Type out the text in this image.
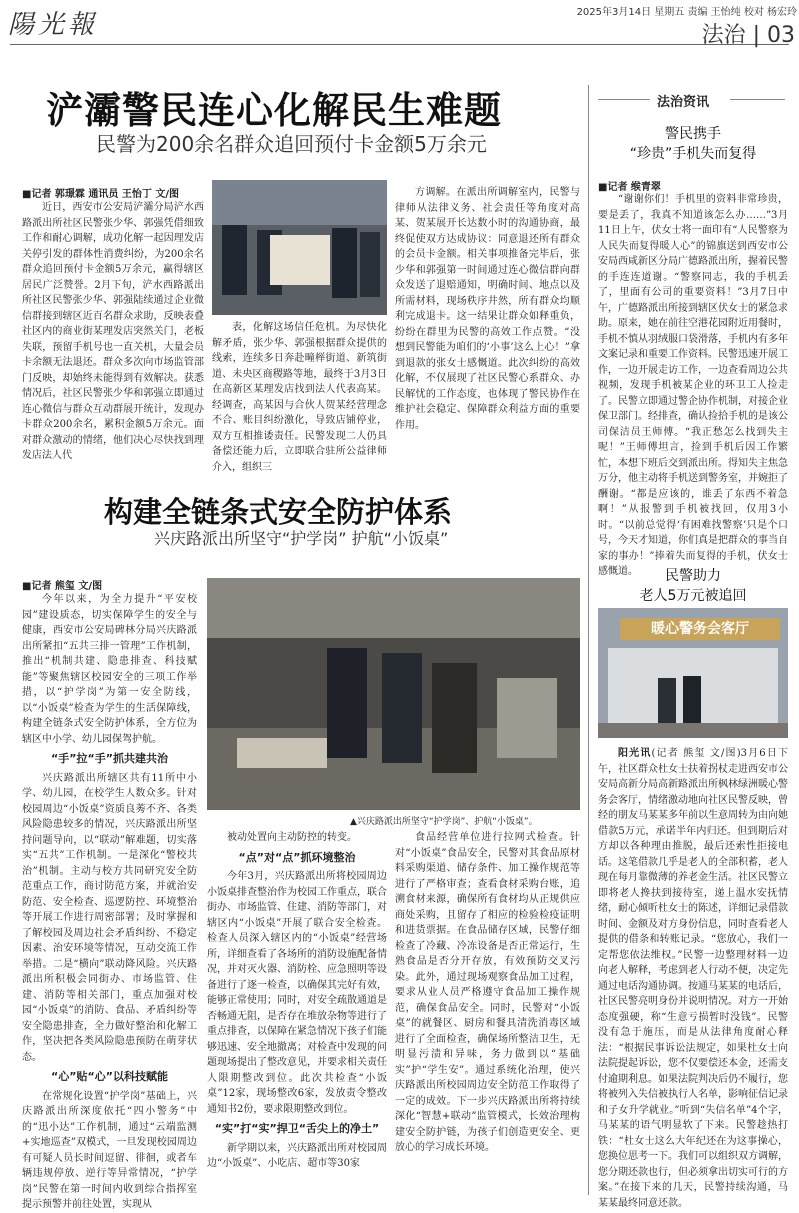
陽光報	2025年3月14日 星期五 责编 王怡纯 校对 杨宏玲
法治 | 03
浐灞警民连心化解民生难题
民警为200余名群众追回预付卡金额5万余元
■记者 郭璟霖 通讯员 王怡丁 文/图

近日，西安市公安局浐灞分局浐水西路派出所社区民警张少华、郭强凭借细致工作和耐心调解，成功化解一起因理发店关停引发的群体性消费纠纷，为200余名群众追回预付卡金额5万余元，赢得辖区居民广泛赞誉。2月下旬，浐水西路派出所社区民警张少华、郭强陆续通过企业微信群接到辖区近百名群众求助，反映表叠社区内的商业街某理发店突然关门，老板失联，预留手机号也一直关机，大量会员卡余额无法退还。群众多次向市场监管部门反映，却始终未能得到有效解决。获悉情况后，社区民警张少华和郭强立即通过连心微信与群众互动群展开统计，发现办卡群众200余名，累积金额5万余元。面对群众激动的情绪，他们决心尽快找到理发店法人代

表，化解这场信任危机。为尽快化解矛盾，张少华、郭强根据群众提供的线索，连续多日奔赴疃榉街道、新筑街道、未央区商稷路等地，最终于3月3日在高新区某理发店找到法人代表高某。经调查，高某因与合伙人贺某经营理念不合、账目纠纷激化，导致店铺停业，双方互相推诿责任。民警发现二人仍具备偿还能力后，立即联合驻所公益律师介入，组织三

方调解。在派出所调解室内，民警与律师从法律义务、社会责任等角度对高某、贺某展开长达数小时的沟通协商，最终促使双方达成协议：同意退还所有群众的会员卡金额。相关事项推备完毕后，张少华和郭强第一时间通过连心微信群向群众发送了退赔通知，明确时间、地点以及所需材料，现场秩序井然，所有群众均顺利完成退卡。这一结果让群众如释重负，纷纷在群里为民警的高效工作点赞。“没想到民警能为咱们的‘小事’这么上心！”拿到退款的张女士感慨道。此次纠纷的高效化解，不仅展现了社区民警心系群众、办民解忧的工作态度，也体现了警民协作在维护社会稳定、保障群众利益方面的重要作用。

构建全链条式安全防护体系
兴庆路派出所坚守“护学岗” 护航“小饭桌”
■记者 熊玺 文/图

今年以来，为全力提升“平安校园”建设质态，切实保障学生的安全与健康，西安市公安局碑林分局兴庆路派出所紧扣“五共三排一管理”工作机制，推出“机制共建、隐患排查、科技赋能”等聚焦辖区校园安全的三项工作举措，以“护学岗”为第一安全防线，以“小饭桌”检查为学生的生活保障线，构建全链条式安全防护体系，全方位为辖区中小学、幼儿园保驾护航。

“手”拉“手”抓共建共治

兴庆路派出所辖区共有11所中小学、幼儿园，在校学生人数众多。针对校园周边“小饭桌”资质良莠不齐、各类风险隐患较多的情况，兴庆路派出所坚持问题导向，以“联动”解难题，切实落实“五共”工作机制。一是深化“警校共治”机制。主动与校方共同研究安全防范重点工作，商讨防范方案，并就治安防范、安全检查、巡逻防控、环境整治等开展工作进行周密部署；及时掌握和了解校园及周边社会矛盾纠纷、不稳定因素、治安环境等情况，互动交流工作举措。二是“横向”联动降风险。兴庆路派出所积极会同街办、市场监管、住建、消防等相关部门，重点加强对校园“小饭桌”的消防、食品、矛盾纠纷等安全隐患排查，全力做好整治和化解工作，坚决把各类风险隐患预防在萌芽状态。

“心”贴“心”以科技赋能

在常规化设置“护学岗”基础上，兴庆路派出所深度依托“四小警务”中的“迅小达”工作机制，通过“云端监测+实地巡查”双模式，一旦发现校园周边有可疑人员长时间逗留、徘徊，或者车辆违规停放、逆行等异常情况，“护学岗”民警在第一时间内收到综合指挥室提示预警并前往处置，实现从

▲兴庆路派出所坚守“护学岗”、护航“小饭桌”。

被动处置向主动防控的转变。

“点”对“点”抓环境整治

今年3月，兴庆路派出所将校园周边小饭桌排查整治作为校园工作重点，联合街办、市场监管、住建、消防等部门，对辖区内“小饭桌”开展了联合安全检查。检查人员深入辖区内的“小饭桌”经营场所，详细查看了各场所的消防设施配备情况，并对灭火器、消防栓、应急照明等设备进行了逐一检查，以确保其完好有效，能够正常使用；同时，对安全疏散通道是否畅通无阻，是否存在堆放杂物等进行了重点排查，以保障在紧急情况下孩子们能够迅速、安全地撤离；对检查中发现的问题现场提出了整改意见，并要求相关责任人限期整改到位。此次共检查“小饭桌”12家，现场整改6家，发放责令整改通知书2份，要求限期整改到位。

“实”打“实”捍卫“舌尖上的净土”

新学期以来，兴庆路派出所对校园周边“小饭桌”、小吃店、超市等30家

食品经营单位进行拉网式检查。针对“小饭桌”食品安全，民警对其食品原材料采购渠道、储存条件、加工操作规范等进行了严格审查；查看食材采购台账，追溯食材来源，确保所有食材均从正规供应商处采购，且留存了相应的检验检疫证明和进货票据。在食品储存区域，民警仔细检查了冷藏、冷冻设备是否正常运行，生熟食品是否分开存放，有效预防交叉污染。此外，通过现场观察食品加工过程，要求从业人员严格遵守食品加工操作规范，确保食品安全。同时，民警对“小饭桌”的就餐区、厨房和餐具清洗消毒区域进行了全面检查，确保场所整洁卫生，无明显污渍和异味，务力做到以“基础实”护“学生安”。通过系统化治理，使兴庆路派出所校园周边安全防范工作取得了一定的成效。下一步兴庆路派出所将持续深化“智慧+联动”监管模式，长效治理构建安全防护链，为孩子们创造更安全、更放心的学习成长环境。

法治资讯
警民携手
“珍贵”手机失而复得
■记者 缑青翠

“谢谢你们！手机里的资料非常珍贵，要是丢了，我真不知道该怎么办……”3月11日上午，伏女士将一面印有“人民警察为人民失而复得暖人心”的锦旗送到西安市公安局西咸新区分局广德路派出所，握着民警的手连连道谢。“警察同志，我的手机丢了，里面有公司的重要资料！”3月7日中午，广德路派出所接到辖区伏女士的紧急求助。原来，她在前往空港花园附近用餐时，手机不慎从羽绒服口袋滑落，手机内有多年文案记录和重要工作资料。民警迅速开展工作，一边开展走访工作，一边查看周边公共视频，发现手机被某企业的环卫工人捡走了。民警立即通过警企协作机制，对接企业保卫部门。经排查，确认捡拾手机的是该公司保洁员王师傅。“我正愁怎么找到失主呢！”王师傅坦言，捡到手机后因工作繁忙，本想下班后交到派出所。得知失主焦急万分，他主动将手机送到警务室，并婉拒了酬谢。“都是应该的，谁丢了东西不着急啊！”从报警到手机被找回，仅用3小时。“以前总觉得‘有困难找警察’只是个口号，今天才知道，你们真是把群众的事当自家的事办！”捧着失而复得的手机，伏女士感慨道。	民警助力
老人5万元被追回
暖心警务会客厅

阳光讯(记者 熊玺 文/图)3月6日下午，社区群众杜女士扶着拐杖走进西安市公安局高新分局高新路派出所枫林绿洲暖心警务会客厅，情绪激动地向社区民警反映，曾经的朋友马某某多年前以生意周转为由向她借款5万元，承诺半年内归还。但到期后对方却以各种理由推脱，最后还索性拒接电话。这笔借款几乎是老人的全部积蓄，老人现在每月靠微薄的养老金生活。社区民警立即将老人搀扶到接待室，递上温水安抚情绪，耐心倾听杜女士的陈述，详细记录借款时间、金额及对方身份信息，同时查看老人提供的借条和转账记录。“您放心，我们一定帮您依法维权。”民警一边整理材料一边向老人解释，考虑到老人行动不便，决定先通过电话沟通协调。按通马某某的电话后，社区民警亮明身份并说明情况。对方一开始态度强硬，称“生意亏损暂时没钱”。民警没有急于施压，而是从法律角度耐心释法：“根据民事诉讼法规定，如果杜女士向法院提起诉讼，您不仅要偿还本金，还需支付逾期利息。如果法院判决后仍不履行，您将被列入失信被执行人名单，影响征信记录和子女升学就业。”听到“失信名单”4个字，马某某的语气明显软了下来。民警趁热打铁：“杜女士这么大年纪还在为这事操心，您换位思考一下。我们可以组织双方调解，您分期还款也行，但必须拿出切实可行的方案。”在接下来的几天，民警持续沟通，马某某最终同意还款。
